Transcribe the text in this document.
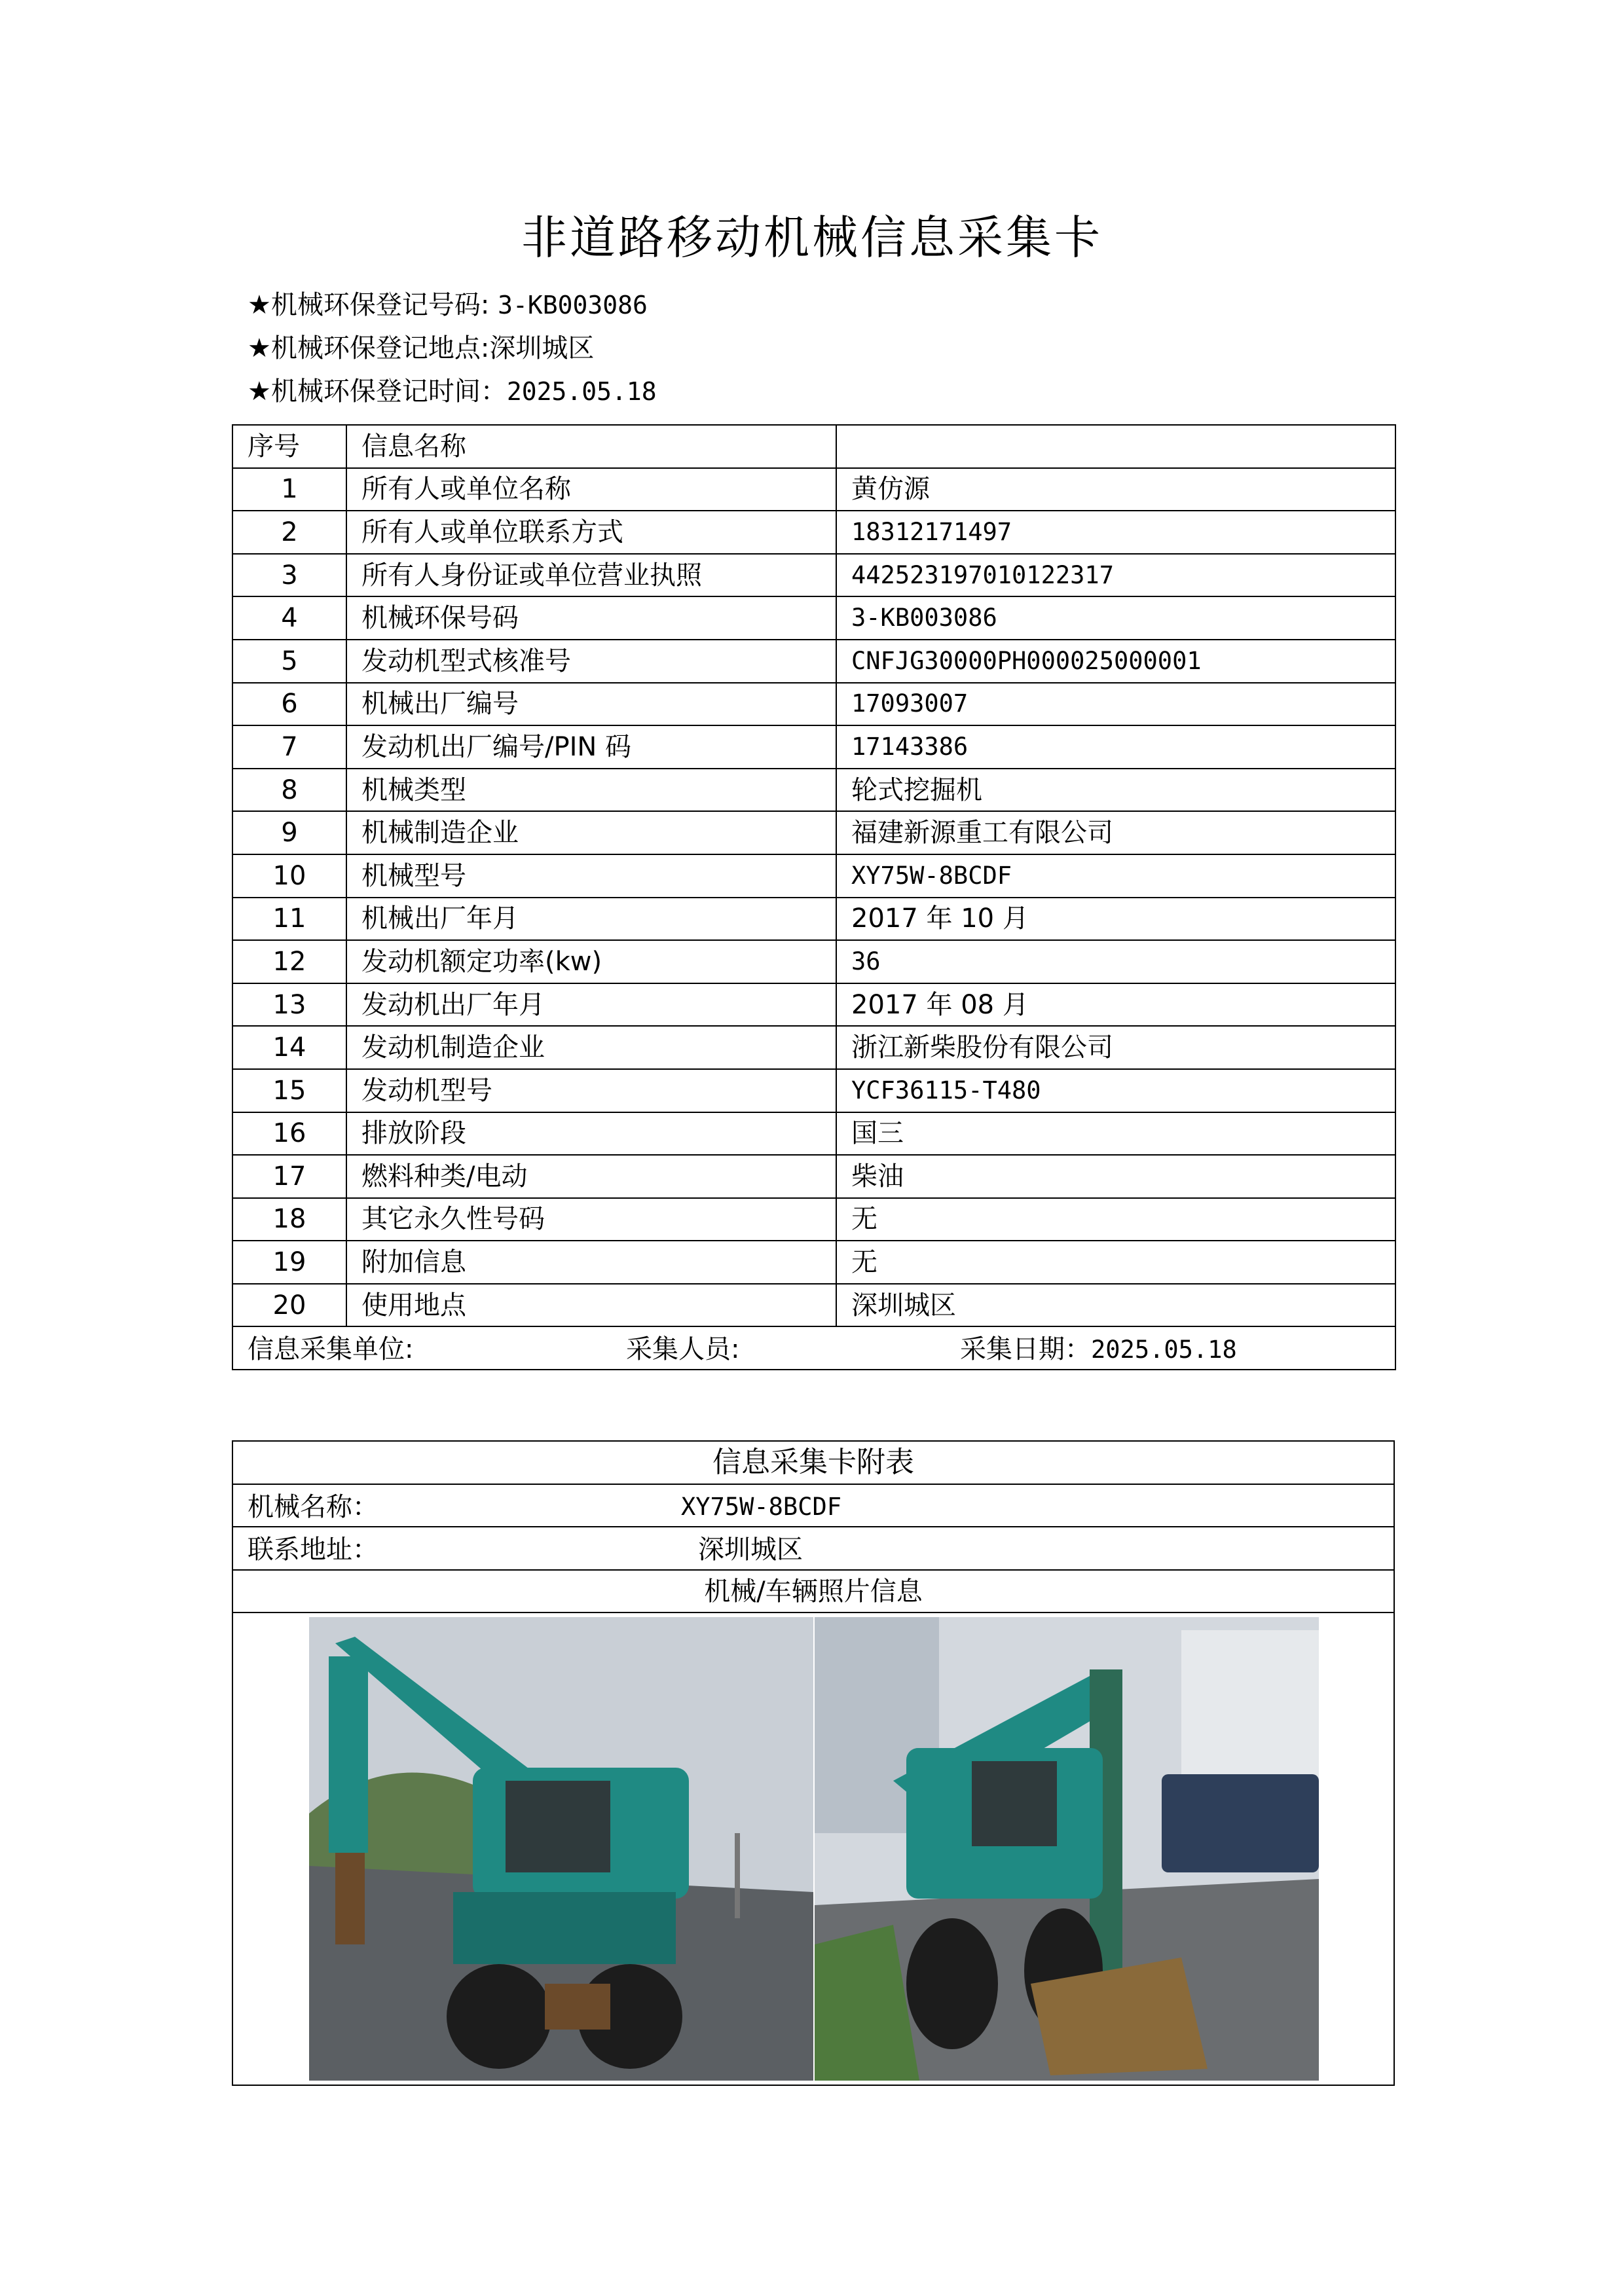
非道路移动机械信息采集卡
★机械环保登记号码: 3-KB003086
★机械环保登记地点:深圳城区
★机械环保登记时间：2025.05.18
序号	信息名称	
1	所有人或单位名称	黄仿源
2	所有人或单位联系方式	18312171497
3	所有人身份证或单位营业执照	442523197010122317
4	机械环保号码	3-KB003086
5	发动机型式核准号	CNFJG30000PH000025000001
6	机械出厂编号	17093007
7	发动机出厂编号/PIN 码	17143386
8	机械类型	轮式挖掘机
9	机械制造企业	福建新源重工有限公司
10	机械型号	XY75W-8BCDF
11	机械出厂年月	2017 年 10 月
12	发动机额定功率(kw)	36
13	发动机出厂年月	2017 年 08 月
14	发动机制造企业	浙江新柴股份有限公司
15	发动机型号	YCF36115-T480
16	排放阶段	国三
17	燃料种类/电动	柴油
18	其它永久性号码	无
19	附加信息	无
20	使用地点	深圳城区

信息采集单位: 采集人员: 采集日期：2025.05.18		
信息采集卡附表

机械名称：	XY75W-8BCDF

联系地址：	深圳城区

机械/车辆照片信息
